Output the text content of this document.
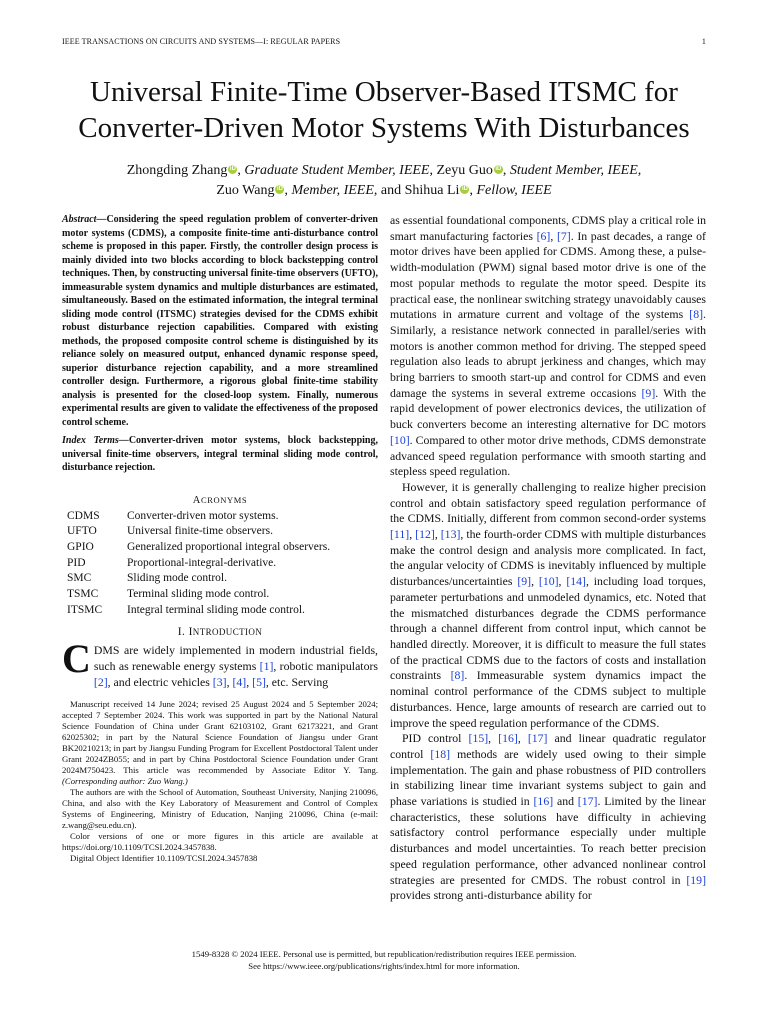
IEEE TRANSACTIONS ON CIRCUITS AND SYSTEMS—I: REGULAR PAPERS	1
Universal Finite-Time Observer-Based ITSMC for
Converter-Driven Motor Systems With Disturbances
Zhongding Zhang iD , Graduate Student Member, IEEE, Zeyu Guo iD , Student Member, IEEE,
Zuo Wang iD , Member, IEEE, and Shihua Li iD , Fellow, IEEE
Abstract—Considering the speed regulation problem of converter-driven motor systems (CDMS), a composite finite-time anti-disturbance control scheme is proposed in this paper. Firstly, the controller design process is mainly divided into two blocks according to block backstepping control techniques. Then, by constructing universal finite-time observers (UFTO), immeasurable system dynamics and multiple disturbances are estimated, simultaneously. Based on the estimated information, the integral terminal sliding mode control (ITSMC) strategies devised for the CDMS exhibit robust disturbance rejection capabilities. Compared with existing methods, the proposed composite control scheme is distinguished by its reliance solely on measured output, enhanced dynamic response speed, superior disturbance rejection capability, and a more streamlined controller design. Furthermore, a rigorous global finite-time stability analysis is presented for the closed-loop system. Finally, numerous experimental results are given to validate the effectiveness of the proposed control scheme.
Index Terms—Converter-driven motor systems, block backstepping, universal finite-time observers, integral terminal sliding mode control, disturbance rejection.
ACRONYMS
CDMS	Converter-driven motor systems.
UFTO	Universal finite-time observers.
GPIO	Generalized proportional integral observers.
PID	Proportional-integral-derivative.
SMC	Sliding mode control.
TSMC	Terminal sliding mode control.
ITSMC	Integral terminal sliding mode control.
I. INTRODUCTION
CDMS are widely implemented in modern industrial fields, such as renewable energy systems [1], robotic manipulators [2], and electric vehicles [3], [4], [5], etc. Serving

Manuscript received 14 June 2024; revised 25 August 2024 and 5 September 2024; accepted 7 September 2024. This work was supported in part by the National Natural Science Foundation of China under Grant 62103102, Grant 62173221, and Grant 62025302; in part by the Natural Science Foundation of Jiangsu under Grant BK20210213; in part by Jiangsu Funding Program for Excellent Postdoctoral Talent under Grant 2024ZB055; and in part by China Postdoctoral Science Foundation under Grant 2024M750423. This article was recommended by Associate Editor Y. Tang. (Corresponding author: Zuo Wang.)

The authors are with the School of Automation, Southeast University, Nanjing 210096, China, and also with the Key Laboratory of Measurement and Control of Complex Systems of Engineering, Ministry of Education, Nanjing 210096, China (e-mail: z.wang@seu.edu.cn).

Color versions of one or more figures in this article are available at https://doi.org/10.1109/TCSI.2024.3457838.

Digital Object Identifier 10.1109/TCSI.2024.3457838

as essential foundational components, CDMS play a critical role in smart manufacturing factories [6], [7]. In past decades, a range of motor drives have been applied for CDMS. Among these, a pulse-width-modulation (PWM) signal based motor drive is one of the most popular methods to regulate the motor speed. Despite its practical ease, the nonlinear switching strategy unavoidably causes mutations in armature current and voltage of the systems [8]. Similarly, a resistance network connected in parallel/series with motors is another common method for driving. The stepped speed regulation also leads to abrupt jerkiness and changes, which may bring barriers to smooth start-up and control for CDMS and even damage the systems in several extreme occasions [9]. With the rapid development of power electronics devices, the utilization of buck converters become an interesting alternative for DC motors [10]. Compared to other motor drive methods, CDMS demonstrate advanced speed regulation performance with smooth starting and stepless speed regulation.

However, it is generally challenging to realize higher precision control and obtain satisfactory speed regulation performance of the CDMS. Initially, different from common second-order systems [11], [12], [13], the fourth-order CDMS with multiple disturbances make the control design and analysis more complicated. In fact, the angular velocity of CDMS is inevitably influenced by multiple disturbances/uncertainties [9], [10], [14], including load torques, parameter perturbations and unmodeled dynamics, etc. Noted that the mismatched disturbances degrade the CDMS performance through a channel different from control input, which cannot be handled directly. Moreover, it is difficult to measure the full states of the practical CDMS due to the factors of costs and installation constraints [8]. Immeasurable system dynamics impact the nominal control performance of the CDMS subject to multiple disturbances. Hence, large amounts of research are carried out to improve the speed regulation performance of the CDMS.

PID control [15], [16], [17] and linear quadratic regulator control [18] methods are widely used owing to their simple implementation. The gain and phase robustness of PID controllers in stabilizing linear time invariant systems subject to gain and phase variations is studied in [16] and [17]. Limited by the linear characteristics, these solutions have difficulty in achieving satisfactory control performance especially under multiple disturbances and model uncertainties. To reach better precision speed regulation performance, other advanced nonlinear control strategies are presented for CMDS. The robust control in [19] provides strong anti-disturbance ability for

1549-8328 © 2024 IEEE. Personal use is permitted, but republication/redistribution requires IEEE permission.
See https://www.ieee.org/publications/rights/index.html for more information.
